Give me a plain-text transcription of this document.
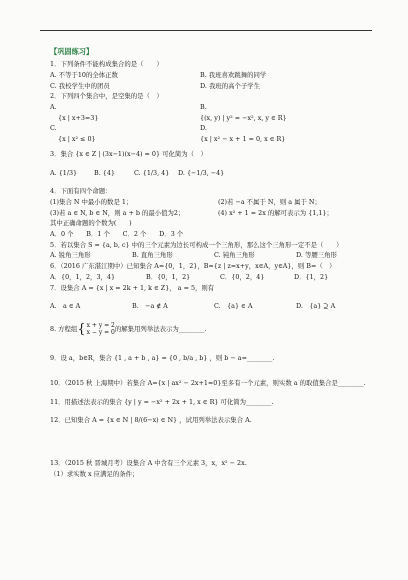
【巩固练习】
1．下列条件不能构成集合的是（　　）
A. 不等于10的全体正数	B. 我班喜欢跳舞的同学
C. 我校学生中的团员	D. 我班的高个子学生
2．下列四个集合中，是空集的是（　）
A.	B.
{x | x+3=3}	{(x, y) | y² = −x², x, y ∈ R}
C.	D.
{x | x² ≤ 0}	{x | x² − x + 1 = 0, x ∈ R}
3．集合 {x ∈ Z | (3x−1)(x−4) = 0} 可化简为（　）
A. {1/3}	B. {4}	C. {1/3, 4}	D. {−1/3, −4}
4．下面有四个命题：
(1)集合 N 中最小的数是 1；	(2)若 −a 不属于 N，则 a 属于 N；
(3)若 a ∈ N, b ∈ N，则 a + b 的最小值为2；	(4) x² + 1 = 2x 的解可表示为 {1,1}；
其中正确命题的个数为(　　)
A．0 个　　B．1 个　　C．2 个　　D．3 个
5．若以集合 S = {a, b, c} 中的三个元素为边长可构成一个三角形，那么这个三角形一定不是（　　）
A. 锐角三角形	B. 直角三角形	C. 钝角三角形	D. 等腰三角形
6．（2016 广东湛江期中）已知集合 A={0，1，2}，B={z | z=x+y，x∈A，y∈A}，则 B=（　）
A．{0，1，2，3，4}	B．{0，1，2}	C．{0，2，4}	D．{1，2}
7．设集合 A = {x | x = 2k + 1, k ∈ Z}， a = 5，则有
A.　a ∈ A	B.　−a ∉ A	C.　{a} ∈ A	D.　{a} ⊇ A
8. 方程组 { x + y = 2
x − y = 0 的解集用列举法表示为________.
9．设 a，b∈R，集合 {1 , a + b , a} = {0 , b/a , b} ，则 b − a=________.
10．（2015 秋 上海期中）若集合 A={x | ax² − 2x+1=0}至多有一个元素，则实数 a 的取值集合是________.
11．用描述法表示的集合 {y | y = −x² + 2x + 1, x ∈ R} 可化简为________.
12．已知集合 A = {x ∈ N | 8/(6−x) ∈ N} ，试用列举法表示集合 A.
13．（2015 秋 晋城月考）设集合 A 中含有三个元素 3，x，x² − 2x.
（1）求实数 x 应满足的条件；
